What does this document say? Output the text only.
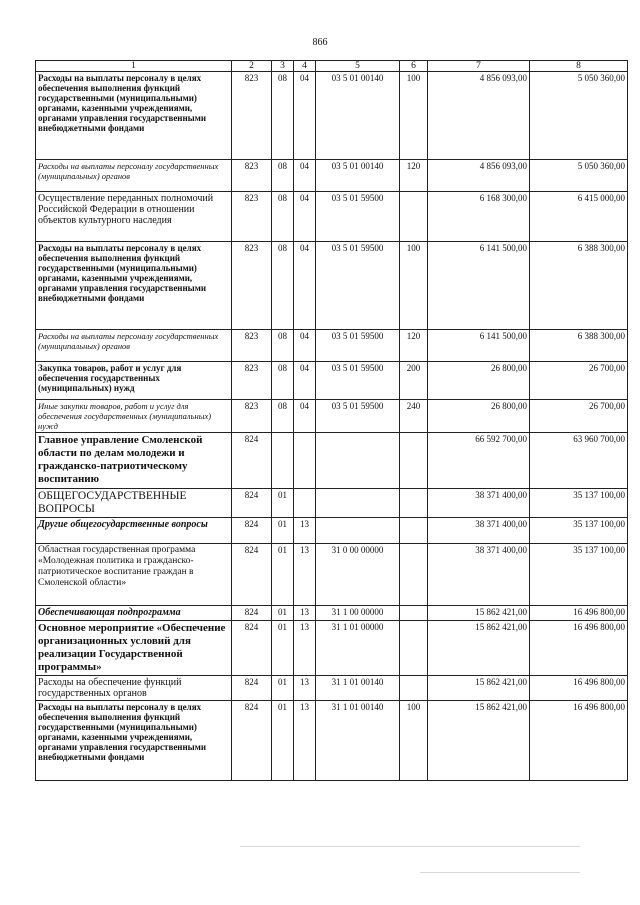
866
1	2	3	4	5	6	7	8
Расходы на выплаты персоналу в целях обеспечения выполнения функций государственными (муниципальными) органами, казенными учреждениями, органами управления государственными внебюджетными фондами	823	08	04	03 5 01 00140	100	4 856 093,00	5 050 360,00
Расходы на выплаты персоналу государственных (муниципальных) органов	823	08	04	03 5 01 00140	120	4 856 093,00	5 050 360,00
Осуществление переданных полномочий Российской Федерации в отношении объектов культурного наследия	823	08	04	03 5 01 59500		6 168 300,00	6 415 000,00
Расходы на выплаты персоналу в целях обеспечения выполнения функций государственными (муниципальными) органами, казенными учреждениями, органами управления государственными внебюджетными фондами	823	08	04	03 5 01 59500	100	6 141 500,00	6 388 300,00
Расходы на выплаты персоналу государственных (муниципальных) органов	823	08	04	03 5 01 59500	120	6 141 500,00	6 388 300,00
Закупка товаров, работ и услуг для обеспечения государственных (муниципальных) нужд	823	08	04	03 5 01 59500	200	26 800,00	26 700,00
Иные закупки товаров, работ и услуг для обеспечения государственных (муниципальных) нужд	823	08	04	03 5 01 59500	240	26 800,00	26 700,00
Главное управление Смоленской области по делам молодежи и гражданско-патриотическому воспитанию	824					66 592 700,00	63 960 700,00
ОБЩЕГОСУДАРСТВЕННЫЕ ВОПРОСЫ	824	01				38 371 400,00	35 137 100,00
Другие общегосударственные вопросы	824	01	13			38 371 400,00	35 137 100,00
Областная государственная программа «Молодежная политика и гражданско-патриотическое воспитание граждан в Смоленской области»	824	01	13	31 0 00 00000		38 371 400,00	35 137 100,00
Обеспечивающая подпрограмма	824	01	13	31 1 00 00000		15 862 421,00	16 496 800,00
Основное мероприятие «Обеспечение организационных условий для реализации Государственной программы»	824	01	13	31 1 01 00000		15 862 421,00	16 496 800,00
Расходы на обеспечение функций государственных органов	824	01	13	31 1 01 00140		15 862 421,00	16 496 800,00
Расходы на выплаты персоналу в целях обеспечения выполнения функций государственными (муниципальными) органами, казенными учреждениями, органами управления государственными внебюджетными фондами	824	01	13	31 1 01 00140	100	15 862 421,00	16 496 800,00
